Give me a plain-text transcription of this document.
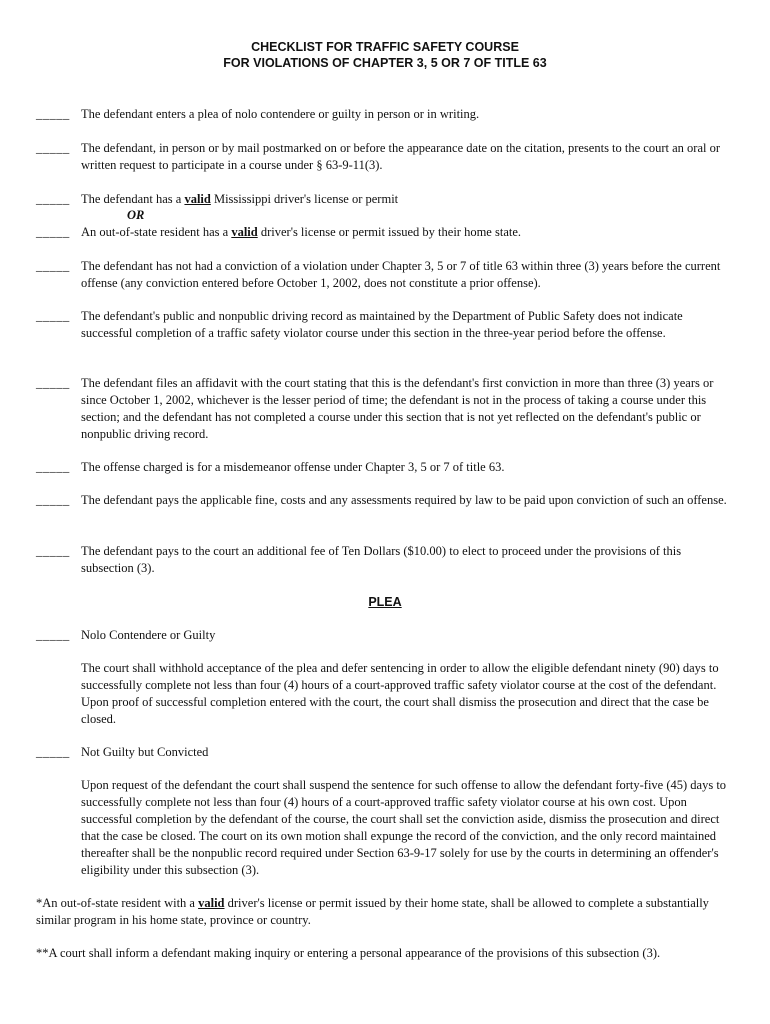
CHECKLIST FOR TRAFFIC SAFETY COURSE
FOR VIOLATIONS OF CHAPTER 3, 5 OR 7 OF TITLE 63
_____ The defendant enters a plea of nolo contendere or guilty in person or in writing.
_____ The defendant, in person or by mail postmarked on or before the appearance date on the citation, presents to the court an oral or written request to participate in a course under § 63-9-11(3).
_____ The defendant has a valid Mississippi driver's license or permit
OR
_____ An out-of-state resident has a valid driver's license or permit issued by their home state.
_____ The defendant has not had a conviction of a violation under Chapter 3, 5 or 7 of title 63 within three (3) years before the current offense (any conviction entered before October 1, 2002, does not constitute a prior offense).
_____ The defendant's public and nonpublic driving record as maintained by the Department of Public Safety does not indicate successful completion of a traffic safety violator course under this section in the three-year period before the offense.
_____ The defendant files an affidavit with the court stating that this is the defendant's first conviction in more than three (3) years or since October 1, 2002, whichever is the lesser period of time; the defendant is not in the process of taking a course under this section; and the defendant has not completed a course under this section that is not yet reflected on the defendant's public or nonpublic driving record.
_____ The offense charged is for a misdemeanor offense under Chapter 3, 5 or 7 of title 63.
_____ The defendant pays the applicable fine, costs and any assessments required by law to be paid upon conviction of such an offense.
_____ The defendant pays to the court an additional fee of Ten Dollars ($10.00) to elect to proceed under the provisions of this subsection (3).
PLEA
_____ Nolo Contendere or Guilty
The court shall withhold acceptance of the plea and defer sentencing in order to allow the eligible defendant ninety (90) days to successfully complete not less than four (4) hours of a court-approved traffic safety violator course at the cost of the defendant. Upon proof of successful completion entered with the court, the court shall dismiss the prosecution and direct that the case be closed.
_____ Not Guilty but Convicted
Upon request of the defendant the court shall suspend the sentence for such offense to allow the defendant forty-five (45) days to successfully complete not less than four (4) hours of a court-approved traffic safety violator course at his own cost. Upon successful completion by the defendant of the course, the court shall set the conviction aside, dismiss the prosecution and direct that the case be closed. The court on its own motion shall expunge the record of the conviction, and the only record maintained thereafter shall be the nonpublic record required under Section 63-9-17 solely for use by the courts in determining an offender's eligibility under this subsection (3).
*An out-of-state resident with a valid driver's license or permit issued by their home state, shall be allowed to complete a substantially similar program in his home state, province or country.
**A court shall inform a defendant making inquiry or entering a personal appearance of the provisions of this subsection (3).
